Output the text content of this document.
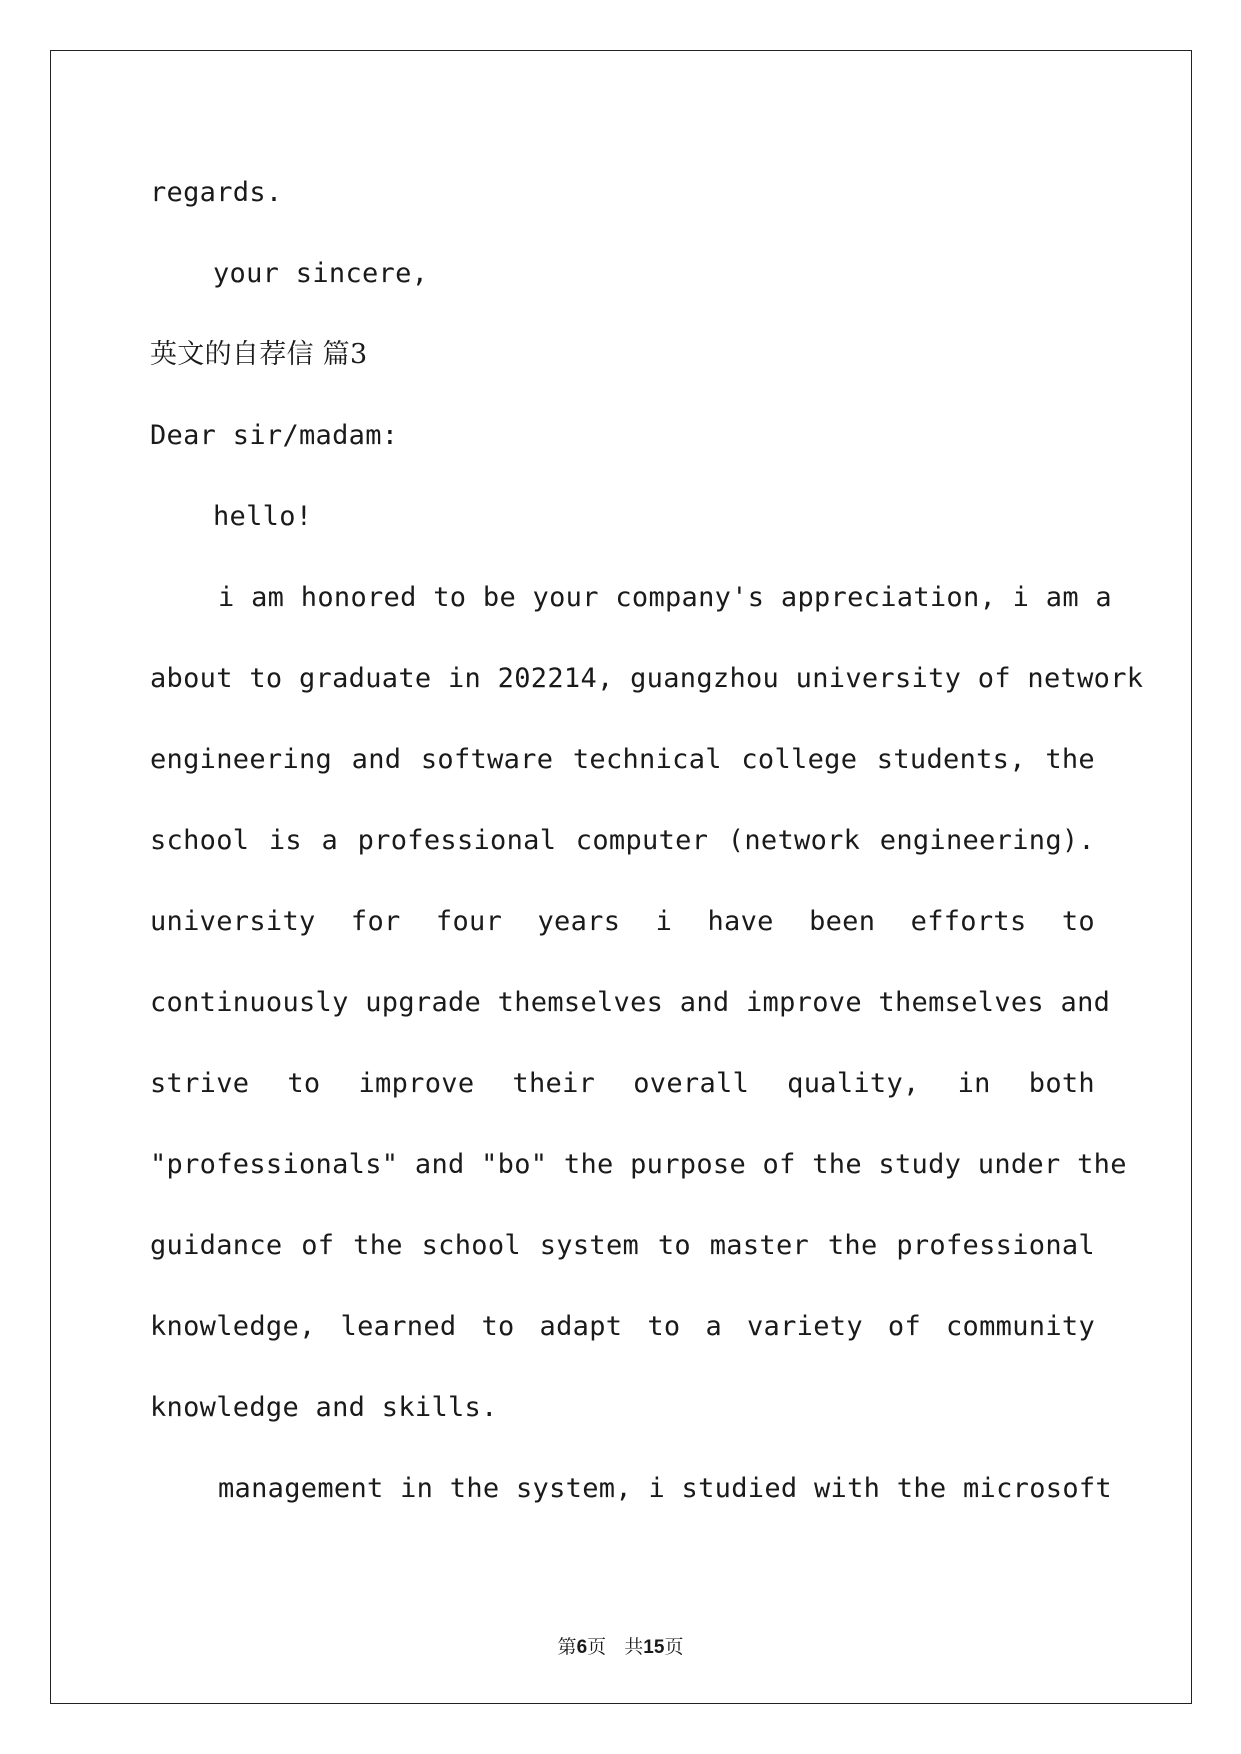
regards.
your sincere,
英文的自荐信 篇3
Dear sir/madam:
hello!
i am honored to be your company's appreciation, i am a
about to graduate in 202214, guangzhou university of network
engineering and software technical college students, the
school is a professional computer (network engineering).
university for four years i have been efforts to
continuously upgrade themselves and improve themselves and
strive to improve their overall quality, in both
"professionals" and "bo" the purpose of the study under the
guidance of the school system to master the professional
knowledge, learned to adapt to a variety of community
knowledge and skills.
management in the system, i studied with the microsoft
第6页 共15页
